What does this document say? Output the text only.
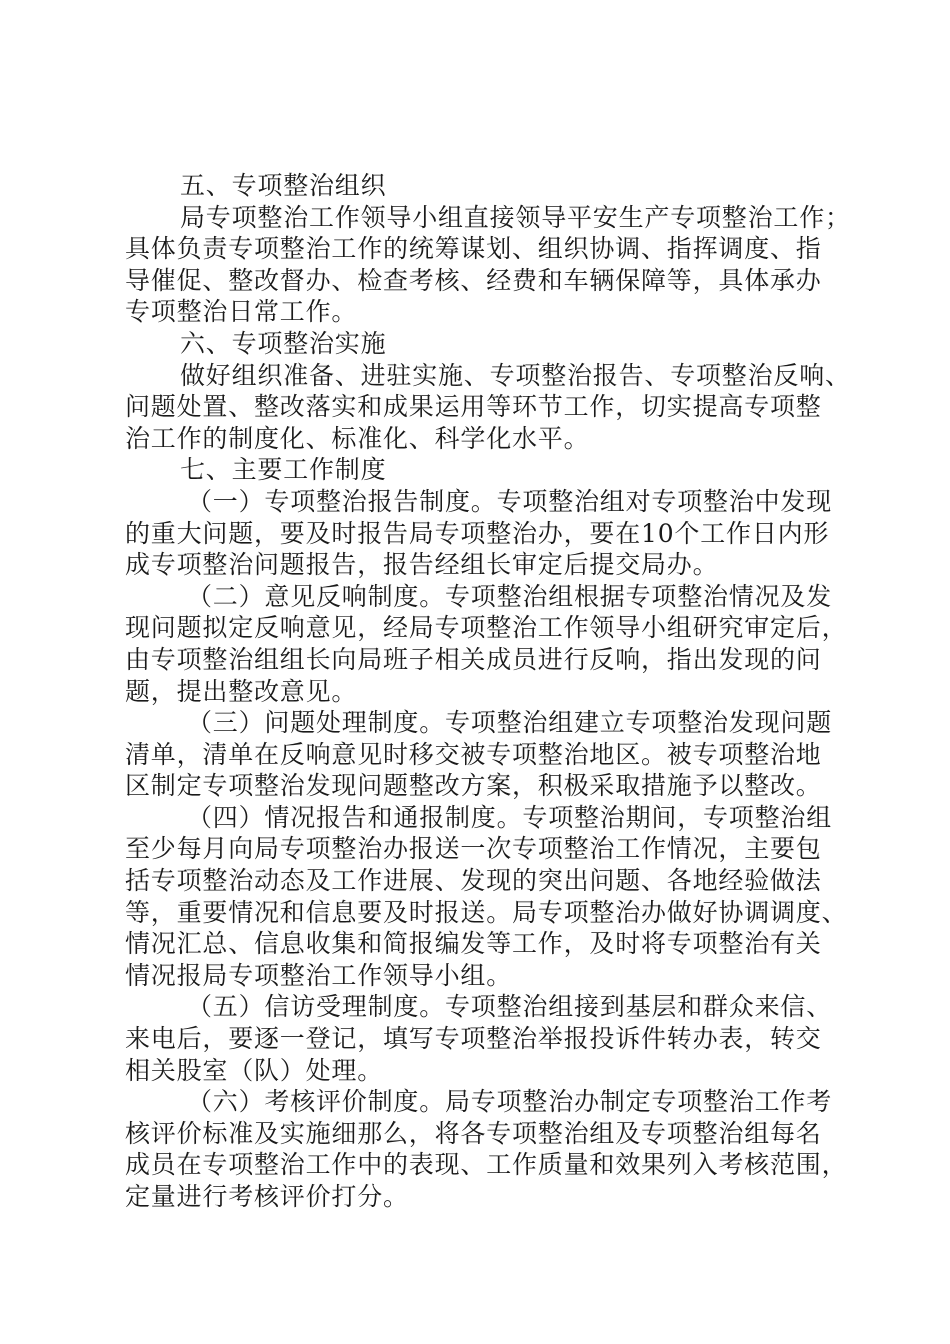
五、专项整治组织
局专项整治工作领导小组直接领导平安生产专项整治工作；
具体负责专项整治工作的统筹谋划、组织协调、指挥调度、指
导催促、整改督办、检查考核、经费和车辆保障等，具体承办
专项整治日常工作。
六、专项整治实施
做好组织准备、进驻实施、专项整治报告、专项整治反响、
问题处置、整改落实和成果运用等环节工作，切实提高专项整
治工作的制度化、标准化、科学化水平。
七、主要工作制度
（一）专项整治报告制度。专项整治组对专项整治中发现
的重大问题，要及时报告局专项整治办，要在10个工作日内形
成专项整治问题报告，报告经组长审定后提交局办。
（二）意见反响制度。专项整治组根据专项整治情况及发
现问题拟定反响意见，经局专项整治工作领导小组研究审定后，
由专项整治组组长向局班子相关成员进行反响，指出发现的问
题，提出整改意见。
（三）问题处理制度。专项整治组建立专项整治发现问题
清单，清单在反响意见时移交被专项整治地区。被专项整治地
区制定专项整治发现问题整改方案，积极采取措施予以整改。
（四）情况报告和通报制度。专项整治期间，专项整治组
至少每月向局专项整治办报送一次专项整治工作情况，主要包
括专项整治动态及工作进展、发现的突出问题、各地经验做法
等，重要情况和信息要及时报送。局专项整治办做好协调调度、
情况汇总、信息收集和简报编发等工作，及时将专项整治有关
情况报局专项整治工作领导小组。
（五）信访受理制度。专项整治组接到基层和群众来信、
来电后，要逐一登记，填写专项整治举报投诉件转办表，转交
相关股室（队）处理。
（六）考核评价制度。局专项整治办制定专项整治工作考
核评价标准及实施细那么，将各专项整治组及专项整治组每名
成员在专项整治工作中的表现、工作质量和效果列入考核范围，
定量进行考核评价打分。
